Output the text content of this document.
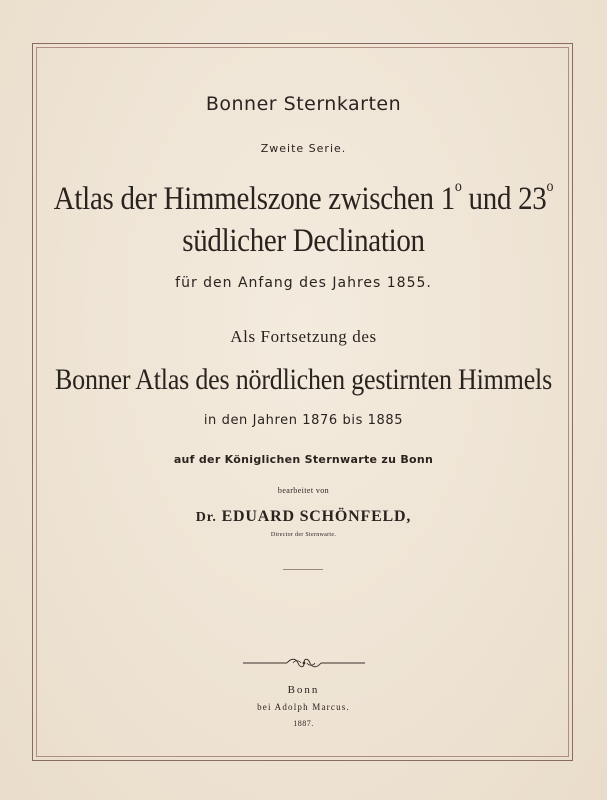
Bonner Sternkarten
Zweite Serie.
Atlas der Himmelszone zwischen 1$^o$ und 23$^o$
südlicher Declination
für den Anfang des Jahres 1855.
Als Fortsetzung des
Bonner Atlas des nördlichen gestirnten Himmels
in den Jahren 1876 bis 1885
auf der Königlichen Sternwarte zu Bonn
bearbeitet von
Dr. EDUARD SCHÖNFELD,
Director der Sternwarte.
Bonn
bei Adolph Marcus.
1887.
